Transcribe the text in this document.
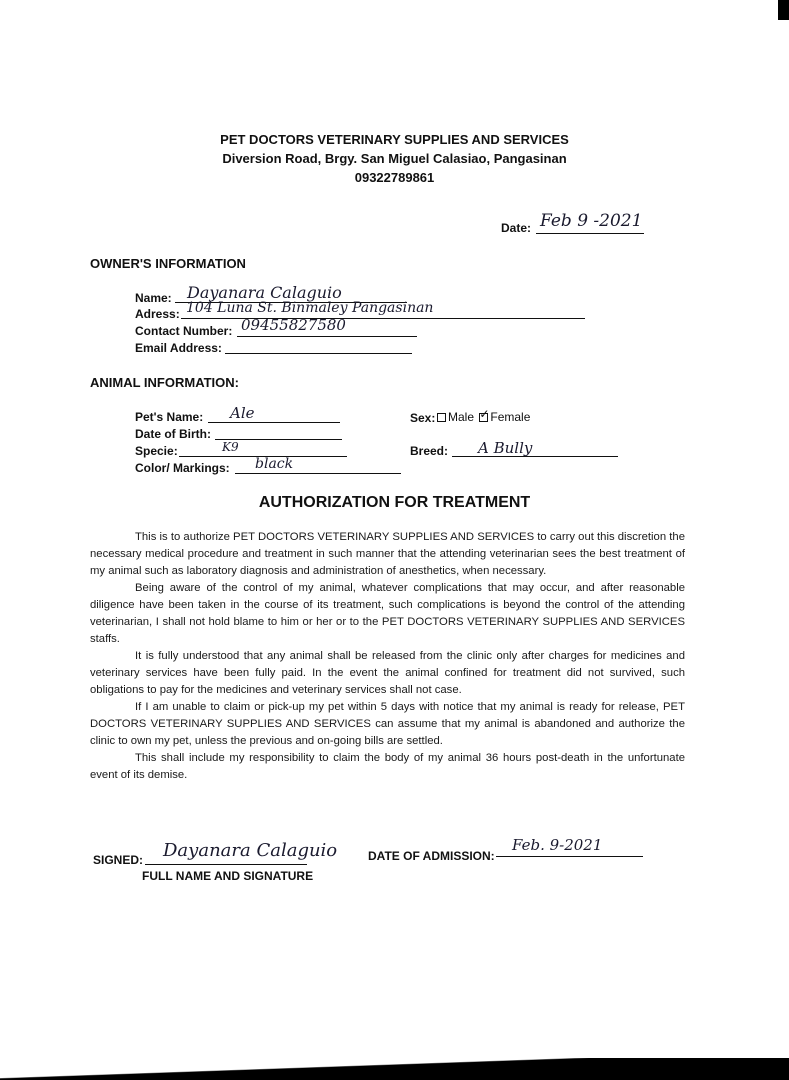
PET DOCTORS VETERINARY SUPPLIES AND SERVICES
Diversion Road, Brgy. San Miguel Calasiao, Pangasinan
09322789861
Date: Feb 9 -2021
OWNER'S INFORMATION
Name: Dayanara Calaguio
Adress: 104 Luna St. Binmaley Pangasinan
Contact Number: 09455827580
Email Address:
ANIMAL INFORMATION:
Pet's Name: Ale
Date of Birth:
Specie:	K9
Color/ Markings: black
Sex:	Male ✓ Female
Breed: A Bully
AUTHORIZATION FOR TREATMENT

This is to authorize PET DOCTORS VETERINARY SUPPLIES AND SERVICES to carry out this discretion the necessary medical procedure and treatment in such manner that the attending veterinarian sees the best treatment of my animal such as laboratory diagnosis and administration of anesthetics, when necessary.

Being aware of the control of my animal, whatever complications that may occur, and after reasonable diligence have been taken in the course of its treatment, such complications is beyond the control of the attending veterinarian, I shall not hold blame to him or her or to the PET DOCTORS VETERINARY SUPPLIES AND SERVICES staffs.

It is fully understood that any animal shall be released from the clinic only after charges for medicines and veterinary services have been fully paid. In the event the animal confined for treatment did not survived, such obligations to pay for the medicines and veterinary services shall not case.

If I am unable to claim or pick-up my pet within 5 days with notice that my animal is ready for release, PET DOCTORS VETERINARY SUPPLIES AND SERVICES can assume that my animal is abandoned and authorize the clinic to own my pet, unless the previous and on-going bills are settled.

This shall include my responsibility to claim the body of my animal 36 hours post-death in the unfortunate event of its demise.

SIGNED: Dayanara Calaguio
FULL NAME AND SIGNATURE
DATE OF ADMISSION:
Feb. 9-2021
